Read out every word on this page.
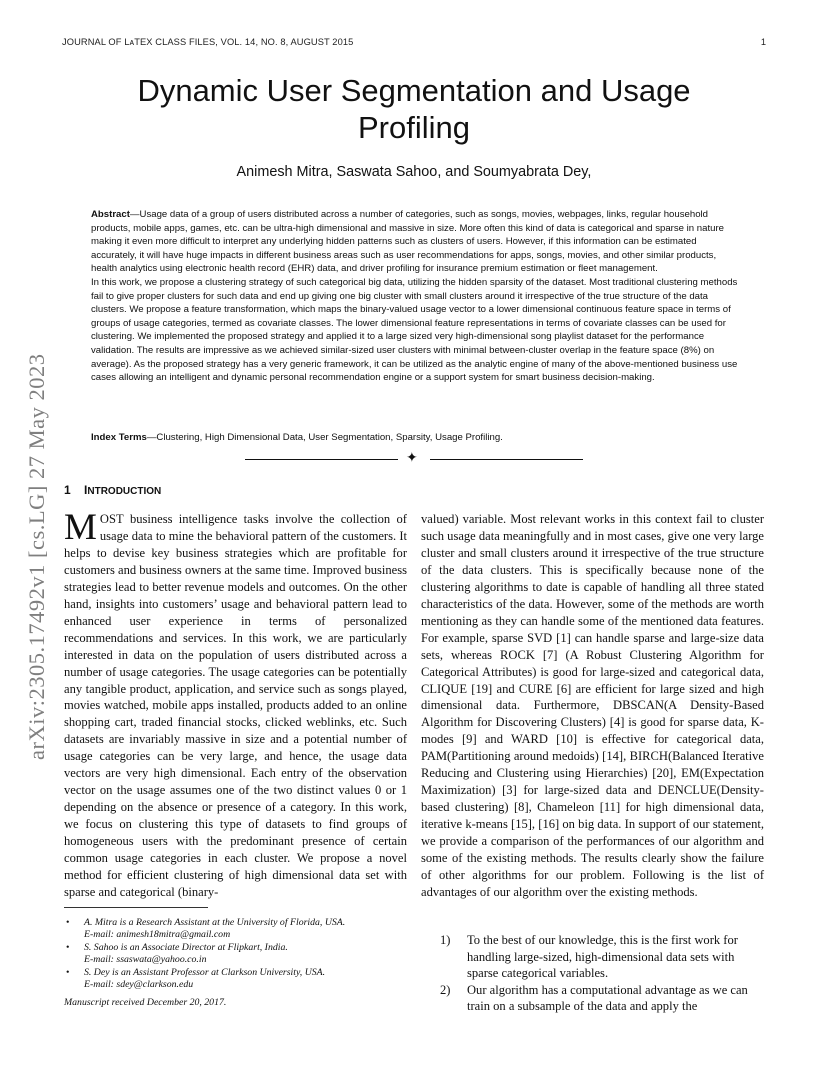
JOURNAL OF LᴀTEX CLASS FILES, VOL. 14, NO. 8, AUGUST 2015	1
arXiv:2305.17492v1 [cs.LG] 27 May 2023
Dynamic User Segmentation and Usage
Profiling
Animesh Mitra, Saswata Sahoo, and Soumyabrata Dey,

Abstract—Usage data of a group of users distributed across a number of categories, such as songs, movies, webpages, links, regular household products, mobile apps, games, etc. can be ultra-high dimensional and massive in size. More often this kind of data is categorical and sparse in nature making it even more difficult to interpret any underlying hidden patterns such as clusters of users. However, if this information can be estimated accurately, it will have huge impacts in different business areas such as user recommendations for apps, songs, movies, and other similar products, health analytics using electronic health record (EHR) data, and driver profiling for insurance premium estimation or fleet management.

In this work, we propose a clustering strategy of such categorical big data, utilizing the hidden sparsity of the dataset. Most traditional clustering methods fail to give proper clusters for such data and end up giving one big cluster with small clusters around it irrespective of the true structure of the data clusters. We propose a feature transformation, which maps the binary-valued usage vector to a lower dimensional continuous feature space in terms of groups of usage categories, termed as covariate classes. The lower dimensional feature representations in terms of covariate classes can be used for clustering. We implemented the proposed strategy and applied it to a large sized very high-dimensional song playlist dataset for the performance validation. The results are impressive as we achieved similar-sized user clusters with minimal between-cluster overlap in the feature space (8%) on average). As the proposed strategy has a very generic framework, it can be utilized as the analytic engine of many of the above-mentioned business use cases allowing an intelligent and dynamic personal recommendation engine or a support system for smart business decision-making.

Index Terms—Clustering, High Dimensional Data, User Segmentation, Sparsity, Usage Profiling.
✦
1 INTRODUCTION

MOST business intelligence tasks involve the collection of usage data to mine the behavioral pattern of the customers. It helps to devise key business strategies which are profitable for customers and business owners at the same time. Improved business strategies lead to better revenue models and outcomes. On the other hand, insights into customers’ usage and behavioral pattern lead to enhanced user experience in terms of personalized recommendations and services. In this work, we are particularly interested in data on the population of users distributed across a number of usage categories. The usage categories can be potentially any tangible product, application, and service such as songs played, movies watched, mobile apps installed, products added to an online shopping cart, traded financial stocks, clicked weblinks, etc. Such datasets are invariably massive in size and a potential number of usage categories can be very large, and hence, the usage data vectors are very high dimensional. Each entry of the observation vector on the usage assumes one of the two distinct values 0 or 1 depending on the absence or presence of a category. In this work, we focus on clustering this type of datasets to find groups of homogeneous users with the predominant presence of certain common usage categories in each cluster. We propose a novel method for efficient clustering of high dimensional data set with sparse and categorical (binary-

valued) variable. Most relevant works in this context fail to cluster such usage data meaningfully and in most cases, give one very large cluster and small clusters around it irrespective of the true structure of the data clusters. This is specifically because none of the clustering algorithms to date is capable of handling all three stated characteristics of the data. However, some of the methods are worth mentioning as they can handle some of the mentioned data features. For example, sparse SVD [1] can handle sparse and large-size data sets, whereas ROCK [7] (A Robust Clustering Algorithm for Categorical Attributes) is good for large-sized and categorical data, CLIQUE [19] and CURE [6] are efficient for large sized and high dimensional data. Furthermore, DBSCAN(A Density-Based Algorithm for Discovering Clusters) [4] is good for sparse data, K-modes [9] and WARD [10] is effective for categorical data, PAM(Partitioning around medoids) [14], BIRCH(Balanced Iterative Reducing and Clustering using Hierarchies) [20], EM(Expectation Maximization) [3] for large-sized data and DENCLUE(Density-based clustering) [8], Chameleon [11] for high dimensional data, iterative k-means [15], [16] on big data. In support of our statement, we provide a comparison of the performances of our algorithm and some of the existing methods. The results clearly show the failure of other algorithms for our problem. Following is the list of advantages of our algorithm over the existing methods.

• A. Mitra is a Research Assistant at the University of Florida, USA.
E-mail: animesh18mitra@gmail.com
• S. Sahoo is an Associate Director at Flipkart, India.
E-mail: ssaswata@yahoo.co.in
• S. Dey is an Assistant Professor at Clarkson University, USA.
E-mail: sdey@clarkson.edu
Manuscript received December 20, 2017.
1) To the best of our knowledge, this is the first work for handling large-sized, high-dimensional data sets with sparse categorical variables.
2) Our algorithm has a computational advantage as we can train on a subsample of the data and apply the
